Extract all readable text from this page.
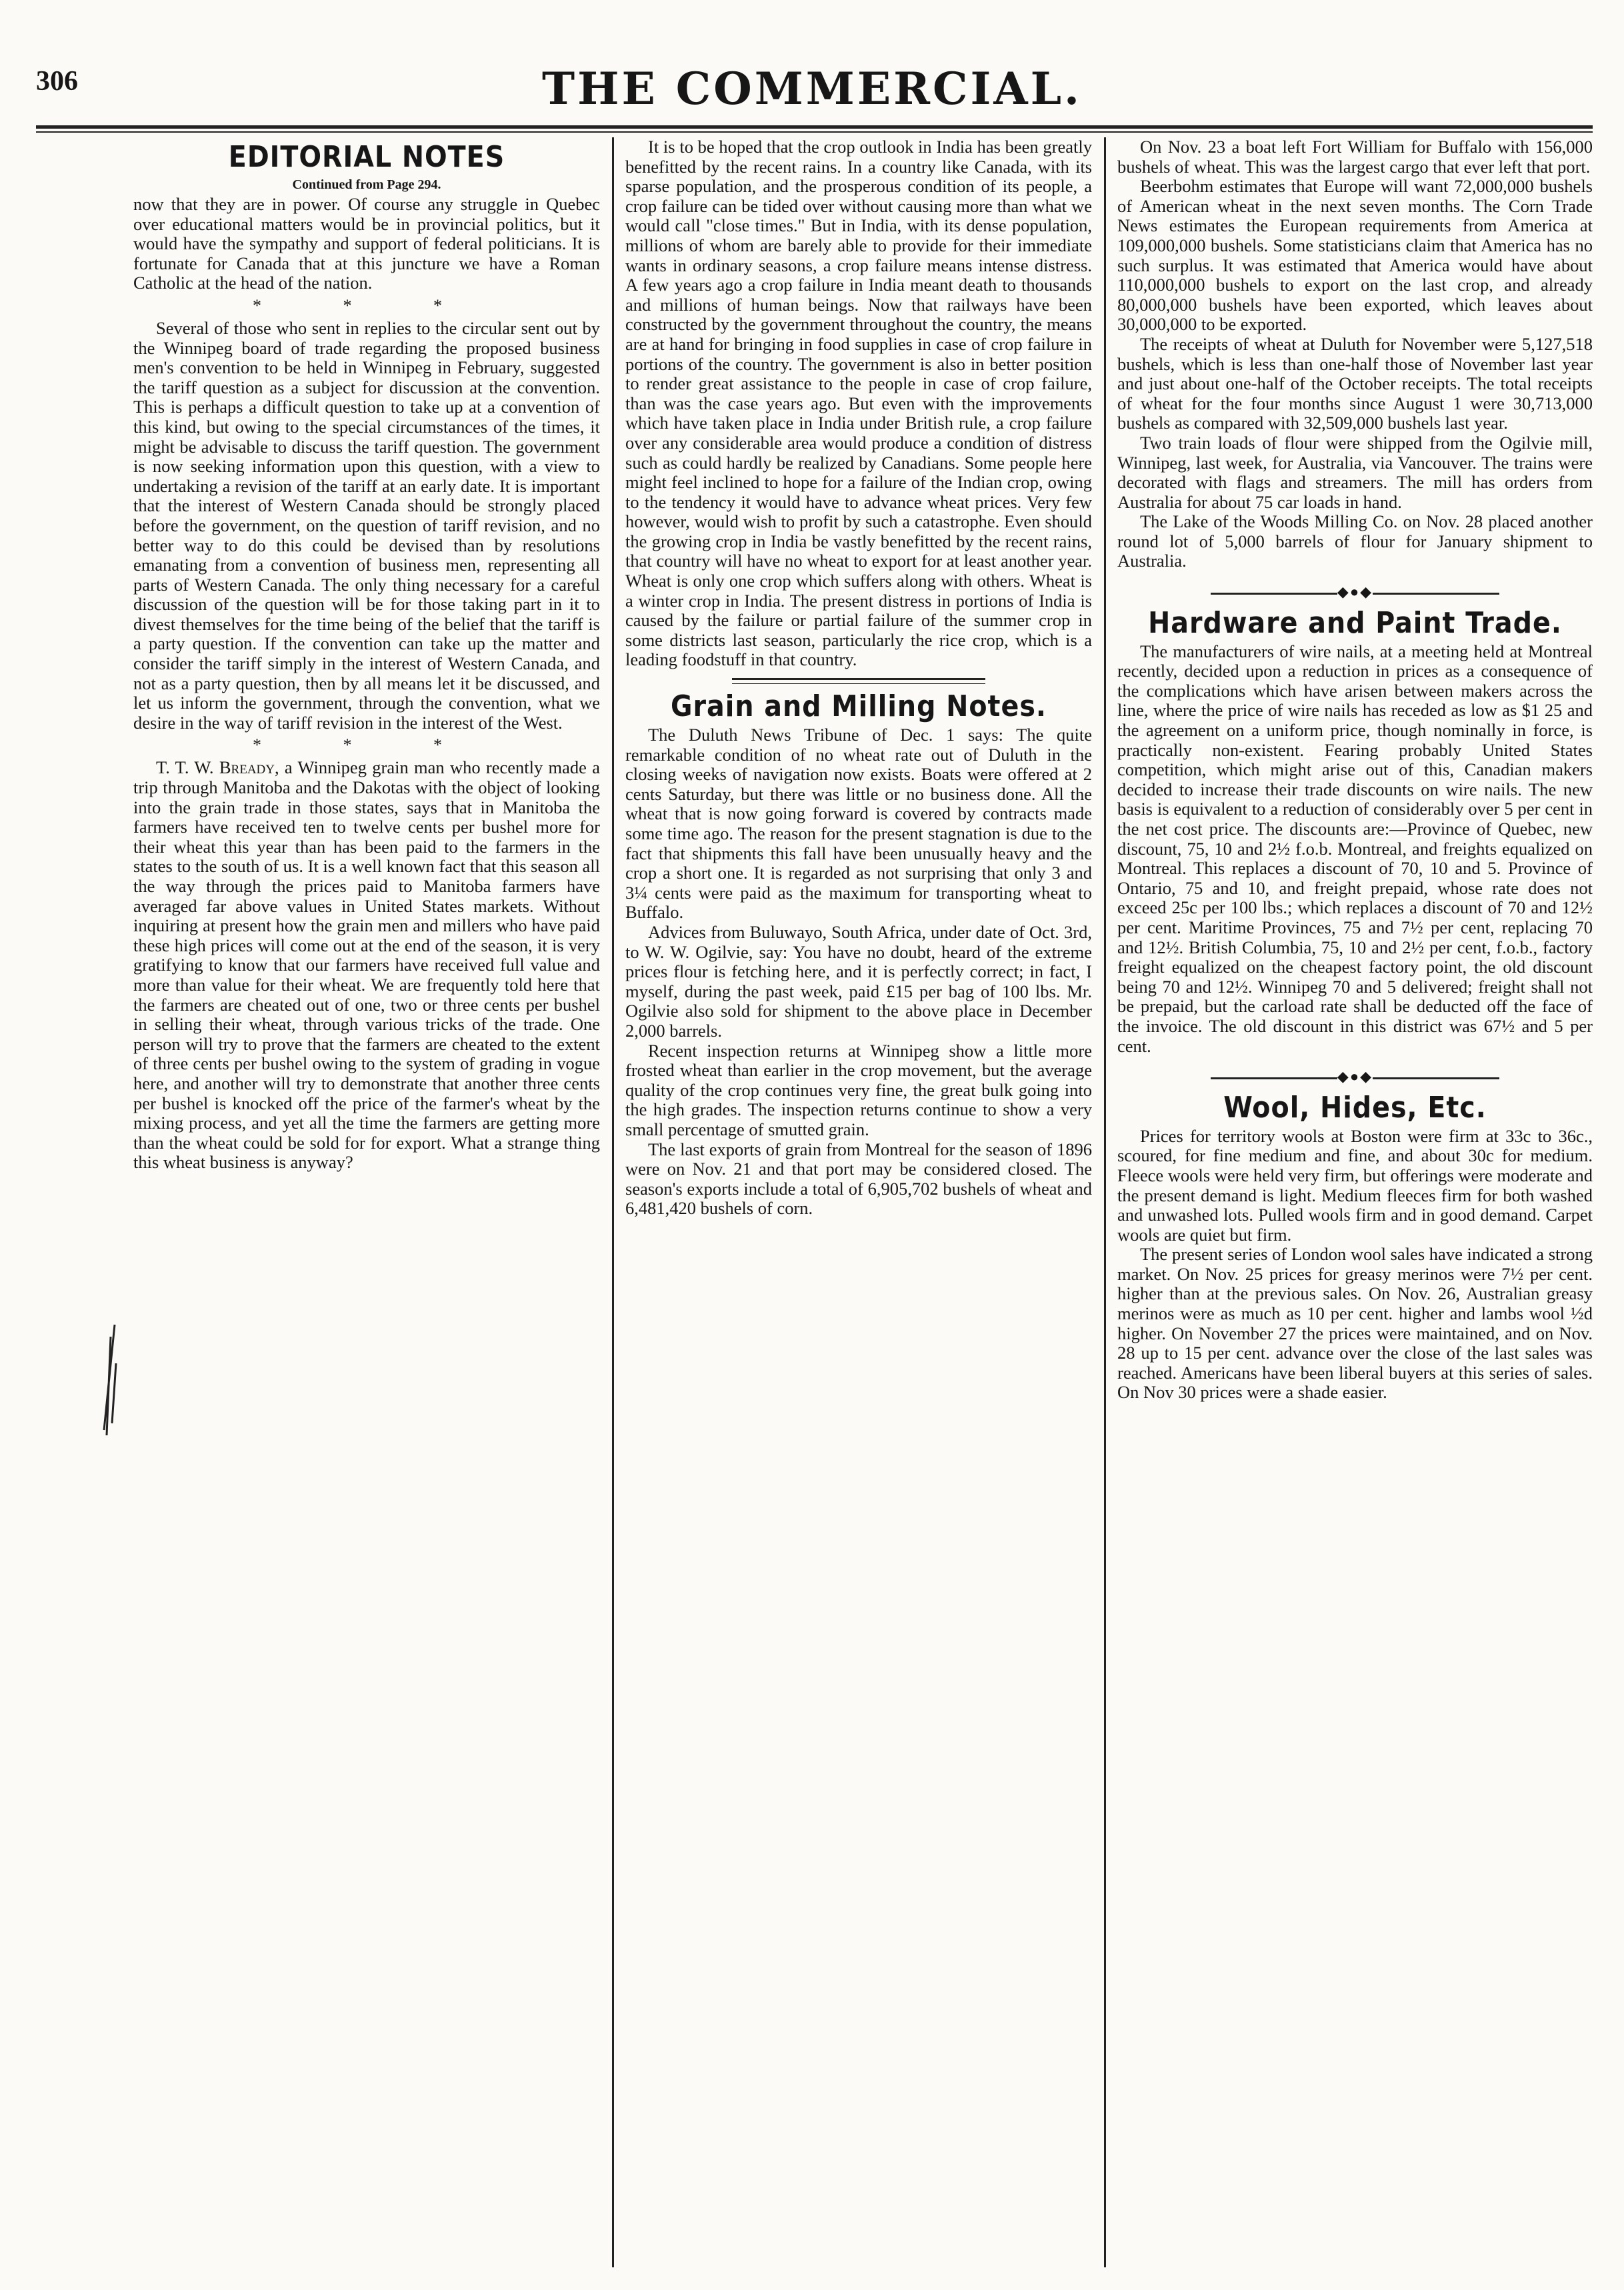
306	THE COMMERCIAL.
EDITORIAL NOTES
Continued from Page 294.

now that they are in power. Of course any struggle in Quebec over educational matters would be in provincial politics, but it would have the sympathy and support of federal politicians. It is fortunate for Canada that at this juncture we have a Roman Catholic at the head of the nation.

* * *

Several of those who sent in replies to the circular sent out by the Winnipeg board of trade regarding the proposed business men's convention to be held in Winnipeg in February, suggested the tariff question as a subject for discussion at the convention. This is perhaps a difficult question to take up at a convention of this kind, but owing to the special circumstances of the times, it might be advisable to discuss the tariff question. The government is now seeking information upon this question, with a view to undertaking a revision of the tariff at an early date. It is important that the interest of Western Canada should be strongly placed before the government, on the question of tariff revision, and no better way to do this could be devised than by resolutions emanating from a convention of business men, representing all parts of Western Canada. The only thing necessary for a careful discussion of the question will be for those taking part in it to divest themselves for the time being of the belief that the tariff is a party question. If the convention can take up the matter and consider the tariff simply in the interest of Western Canada, and not as a party question, then by all means let it be discussed, and let us inform the government, through the convention, what we desire in the way of tariff revision in the interest of the West.

* * *

T. T. W. Bready, a Winnipeg grain man who recently made a trip through Manitoba and the Dakotas with the object of looking into the grain trade in those states, says that in Manitoba the farmers have received ten to twelve cents per bushel more for their wheat this year than has been paid to the farmers in the states to the south of us. It is a well known fact that this season all the way through the prices paid to Manitoba farmers have averaged far above values in United States markets. Without inquiring at present how the grain men and millers who have paid these high prices will come out at the end of the season, it is very gratifying to know that our farmers have received full value and more than value for their wheat. We are frequently told here that the farmers are cheated out of one, two or three cents per bushel in selling their wheat, through various tricks of the trade. One person will try to prove that the farmers are cheated to the extent of three cents per bushel owing to the system of grading in vogue here, and another will try to demonstrate that another three cents per bushel is knocked off the price of the farmer's wheat by the mixing process, and yet all the time the farmers are getting more than the wheat could be sold for for export. What a strange thing this wheat business is anyway?

It is to be hoped that the crop outlook in India has been greatly benefitted by the recent rains. In a country like Canada, with its sparse population, and the prosperous condition of its people, a crop failure can be tided over without causing more than what we would call "close times." But in India, with its dense population, millions of whom are barely able to provide for their immediate wants in ordinary seasons, a crop failure means intense distress. A few years ago a crop failure in India meant death to thousands and millions of human beings. Now that railways have been constructed by the government throughout the country, the means are at hand for bringing in food supplies in case of crop failure in portions of the country. The government is also in better position to render great assistance to the people in case of crop failure, than was the case years ago. But even with the improvements which have taken place in India under British rule, a crop failure over any considerable area would produce a condition of distress such as could hardly be realized by Canadians. Some people here might feel inclined to hope for a failure of the Indian crop, owing to the tendency it would have to advance wheat prices. Very few however, would wish to profit by such a catastrophe. Even should the growing crop in India be vastly benefitted by the recent rains, that country will have no wheat to export for at least another year. Wheat is only one crop which suffers along with others. Wheat is a winter crop in India. The present distress in portions of India is caused by the failure or partial failure of the summer crop in some districts last season, particularly the rice crop, which is a leading foodstuff in that country.

Grain and Milling Notes.

The Duluth News Tribune of Dec. 1 says: The quite remarkable condition of no wheat rate out of Duluth in the closing weeks of navigation now exists. Boats were offered at 2 cents Saturday, but there was little or no business done. All the wheat that is now going forward is covered by contracts made some time ago. The reason for the present stagnation is due to the fact that shipments this fall have been unusually heavy and the crop a short one. It is regarded as not surprising that only 3 and 3¼ cents were paid as the maximum for transporting wheat to Buffalo.

Advices from Buluwayo, South Africa, under date of Oct. 3rd, to W. W. Ogilvie, say: You have no doubt, heard of the extreme prices flour is fetching here, and it is perfectly correct; in fact, I myself, during the past week, paid £15 per bag of 100 lbs. Mr. Ogilvie also sold for shipment to the above place in December 2,000 barrels.

Recent inspection returns at Winnipeg show a little more frosted wheat than earlier in the crop movement, but the average quality of the crop continues very fine, the great bulk going into the high grades. The inspection returns continue to show a very small percentage of smutted grain.

The last exports of grain from Montreal for the season of 1896 were on Nov. 21 and that port may be considered closed. The season's exports include a total of 6,905,702 bushels of wheat and 6,481,420 bushels of corn.

On Nov. 23 a boat left Fort William for Buffalo with 156,000 bushels of wheat. This was the largest cargo that ever left that port.

Beerbohm estimates that Europe will want 72,000,000 bushels of American wheat in the next seven months. The Corn Trade News estimates the European requirements from America at 109,000,000 bushels. Some statisticians claim that America has no such surplus. It was estimated that America would have about 110,000,000 bushels to export on the last crop, and already 80,000,000 bushels have been exported, which leaves about 30,000,000 to be exported.

The receipts of wheat at Duluth for November were 5,127,518 bushels, which is less than one-half those of November last year and just about one-half of the October receipts. The total receipts of wheat for the four months since August 1 were 30,713,000 bushels as compared with 32,509,000 bushels last year.

Two train loads of flour were shipped from the Ogilvie mill, Winnipeg, last week, for Australia, via Vancouver. The trains were decorated with flags and streamers. The mill has orders from Australia for about 75 car loads in hand.

The Lake of the Woods Milling Co. on Nov. 28 placed another round lot of 5,000 barrels of flour for January shipment to Australia.

◆●◆
Hardware and Paint Trade.

The manufacturers of wire nails, at a meeting held at Montreal recently, decided upon a reduction in prices as a consequence of the complications which have arisen between makers across the line, where the price of wire nails has receded as low as $1 25 and the agreement on a uniform price, though nominally in force, is practically non-existent. Fearing probably United States competition, which might arise out of this, Canadian makers decided to increase their trade discounts on wire nails. The new basis is equivalent to a reduction of considerably over 5 per cent in the net cost price. The discounts are:—Province of Quebec, new discount, 75, 10 and 2½ f.o.b. Montreal, and freights equalized on Montreal. This replaces a discount of 70, 10 and 5. Province of Ontario, 75 and 10, and freight prepaid, whose rate does not exceed 25c per 100 lbs.; which replaces a discount of 70 and 12½ per cent. Maritime Provinces, 75 and 7½ per cent, replacing 70 and 12½. British Columbia, 75, 10 and 2½ per cent, f.o.b., factory freight equalized on the cheapest factory point, the old discount being 70 and 12½. Winnipeg 70 and 5 delivered; freight shall not be prepaid, but the carload rate shall be deducted off the face of the invoice. The old discount in this district was 67½ and 5 per cent.

◆●◆
Wool, Hides, Etc.

Prices for territory wools at Boston were firm at 33c to 36c., scoured, for fine medium and fine, and about 30c for medium. Fleece wools were held very firm, but offerings were moderate and the present demand is light. Medium fleeces firm for both washed and unwashed lots. Pulled wools firm and in good demand. Carpet wools are quiet but firm.

The present series of London wool sales have indicated a strong market. On Nov. 25 prices for greasy merinos were 7½ per cent. higher than at the previous sales. On Nov. 26, Australian greasy merinos were as much as 10 per cent. higher and lambs wool ½d higher. On November 27 the prices were maintained, and on Nov. 28 up to 15 per cent. advance over the close of the last sales was reached. Americans have been liberal buyers at this series of sales. On Nov 30 prices were a shade easier.
